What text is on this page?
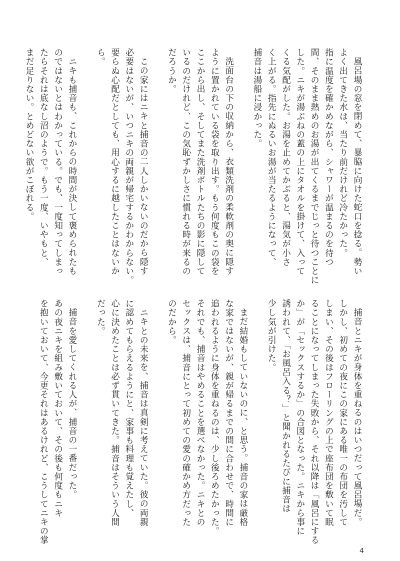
風呂場の窓を閉めて、暴脇に向けた蛇口を捻る。勢い

よく出てきた水は、当たり前だけれど冷たかった。

指に温度を確かめながら、シャワーが温まるのを待つ

間、そのまま熱めのお湯が出てくるまでじっと待つことに

した。ニキが湯ぶねの蓋の上にタオルを掛けて、入って

くる気配がした。お湯を止めてかぶると、湯気が小さ

く上がる。指先にぬるいお湯が当たるようになって、

捕音は湯船に浸かった。

洗面台の下の収納から、衣類洗剤の柔軟剤の奥に隠す

ように置かれている袋を取り出す。もう何度もこの袋を

ここから出し、そしてまた洗剤ボトルたちの影に隠して

いるのだけれど、この気恥ずかしさに慣れる時が来るの

だろうか。

この家にはニキと捕音の二人しかいないのだから隠す

必要はないが、いつニキの両親が帰宅するかわからない。

要らぬ心配だとしても、用心するに越したことはないか

ら。

ニキも捕音も、これからの時間が決して褒められたも

のではないとはわかっている。でも、一度知ってしまっ

たらそれは底なし沼のようで。もう一度、いやもと、

まだ足りない。とめどない欲がこぼれる。

捕音とニキが身体を重ねるのはいつだって風呂場だ。

しかし、初めての夜にこの家にある唯一の布団を汚して

しまい、その後はフローリングの上で座布団を敷いて眠

ることになってしまった失敗から、それ以降は「風呂にする

か」が「セックスするか」の合図となった。ニキから事に

誘われて、「お風呂入る？」と聞かれるたびに捕音は

少し気が引けた。

まだ結婚もしていないのに、と思う。捕音の家は厳格

な家ではないが、親が帰るまでの間に合わせで、時間に

追われるように身体を重ねるのは、少し後ろめたかった。

それでも、捕音はやめることを選べなかった。ニキとの

セックスは、捕音にとって初めての愛の確かめ方だった

のだから。

ニキとの未来を、捕音は真剣に考えていた。彼の両親

に認めてもらえるようにと、家事も料理も覚えたし、

心に決めたことは必ず貫いてきた。捕音はそういう人間

だった。

捕音を愛してくれる人が、捕音の一番だった。

あの夜ニキを組み敷いておいて、その後も何度もニキ

を抱いておいて、今更それはあるけれど、こうしてニキの掌

4
